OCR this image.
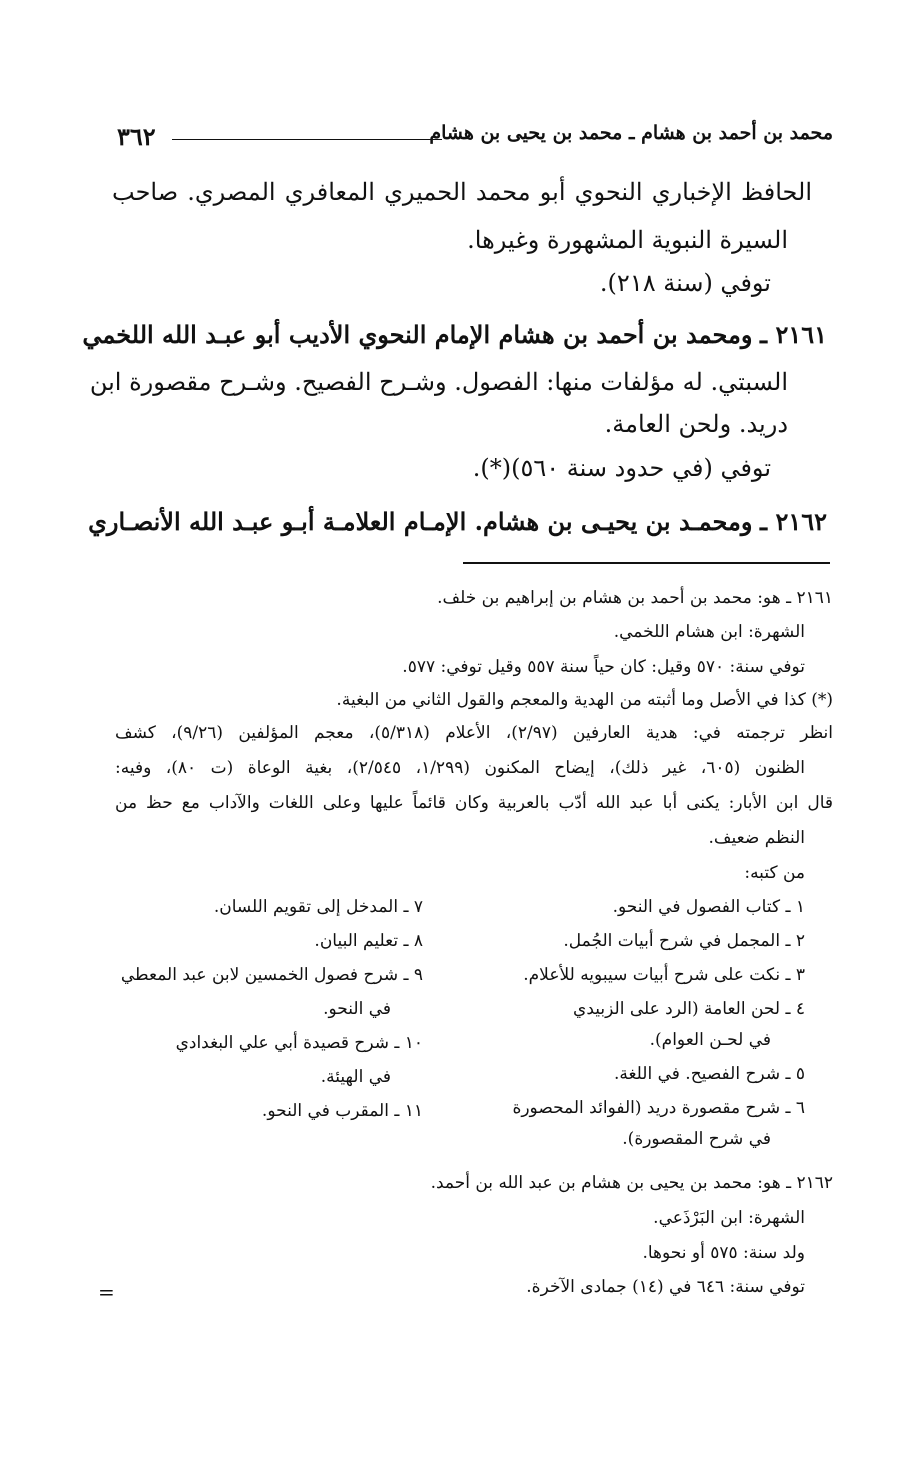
محمد بن أحمد بن هشام ـ محمد بن يحيى بن هشام
٣٦٢
الحافظ الإخباري النحوي أبو محمد الحميري المعافري المصري. صاحب
السيرة النبوية المشهورة وغيرها.
توفي (سنة ٢١٨).
٢١٦١ ـ ومحمد بن أحمد بن هشام الإمام النحوي الأديب أبو عبـد الله اللخمي
السبتي. له مؤلفات منها: الفصول. وشـرح الفصيح. وشـرح مقصورة ابن
دريد. ولحن العامة.
توفي (في حدود سنة ٥٦٠)(*).
٢١٦٢ ـ ومحمـد بن يحيـى بن هشام. الإمـام العلامـة أبـو عبـد الله الأنصـاري
٢١٦١ ـ هو: محمد بن أحمد بن هشام بن إبراهيم بن خلف.
الشهرة: ابن هشام اللخمي.
توفي سنة: ٥٧٠ وقيل: كان حياً سنة ٥٥٧ وقيل توفي: ٥٧٧.
(*) كذا في الأصل وما أثبته من الهدية والمعجم والقول الثاني من البغية.
انظر ترجمته في: هدية العارفين (٢/٩٧)، الأعلام (٥/٣١٨)، معجم المؤلفين (٩/٢٦)، كشف
الظنون (٦٠٥، غير ذلك)، إيضاح المكنون (١/٢٩٩، ٢/٥٤٥)، بغية الوعاة (ت ٨٠)، وفيه:
قال ابن الأبار: يكنى أبا عبد الله أدّب بالعربية وكان قائماً عليها وعلى اللغات والآداب مع حظ من
النظم ضعيف.
من كتبه:
١ ـ كتاب الفصول في النحو.
٢ ـ المجمل في شرح أبيات الجُمل.
٣ ـ نكت على شرح أبيات سيبويه للأعلام.
٤ ـ لحن العامة (الرد على الزبيدي
في لحـن العوام).
٥ ـ شرح الفصيح. في اللغة.
٦ ـ شرح مقصورة دريد (الفوائد المحصورة
في شرح المقصورة).
٧ ـ المدخل إلى تقويم اللسان.
٨ ـ تعليم البيان.
٩ ـ شرح فصول الخمسين لابن عبد المعطي
في النحو.
١٠ ـ شرح قصيدة أبي علي البغدادي
في الهيئة.
١١ ـ المقرب في النحو.
٢١٦٢ ـ هو: محمد بن يحيى بن هشام بن عبد الله بن أحمد.
الشهرة: ابن البَرْذَعي.
ولد سنة: ٥٧٥ أو نحوها.
توفي سنة: ٦٤٦ في (١٤) جمادى الآخرة.
=
